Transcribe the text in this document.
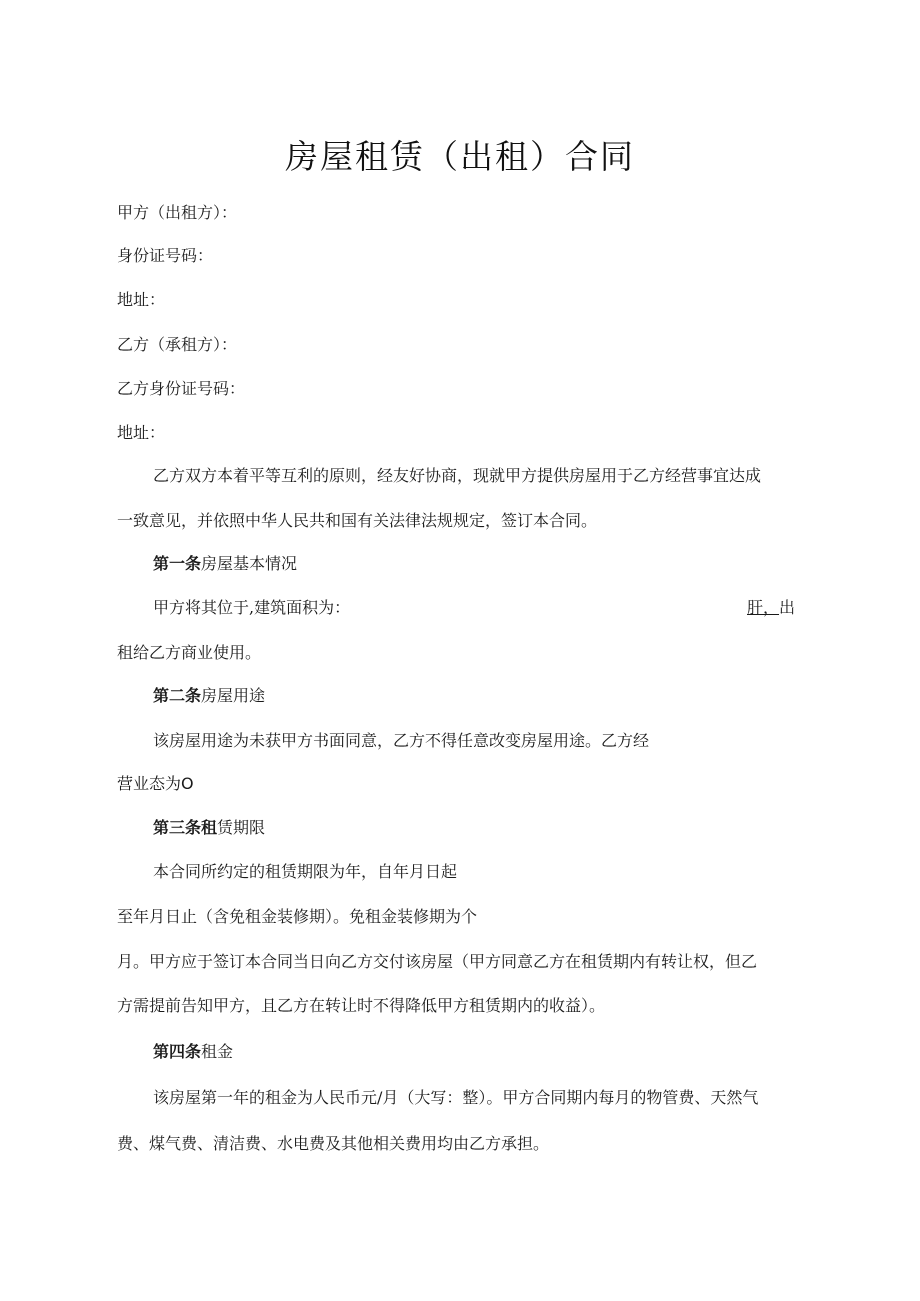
房屋租赁（出租）合同

甲方（出租方）：

身份证号码：

地址：

乙方（承租方）：

乙方身份证号码：

地址：

乙方双方本着平等互利的原则，经友好协商，现就甲方提供房屋用于乙方经营事宜达成

一致意见，并依照中华人民共和国有关法律法规规定，签订本合同。

第一条房屋基本情况

甲方将其位于,建筑面积为：	肝，出

租给乙方商业使用。

第二条房屋用途

该房屋用途为未获甲方书面同意，乙方不得任意改变房屋用途。乙方经

营业态为O

第三条租赁期限

本合同所约定的租赁期限为年，自年月日起

至年月日止（含免租金装修期）。免租金装修期为个

月。甲方应于签订本合同当日向乙方交付该房屋（甲方同意乙方在租赁期内有转让权，但乙

方需提前告知甲方，且乙方在转让时不得降低甲方租赁期内的收益）。

第四条租金

该房屋第一年的租金为人民币元/月（大写：整）。甲方合同期内每月的物管费、天然气

费、煤气费、清洁费、水电费及其他相关费用均由乙方承担。
